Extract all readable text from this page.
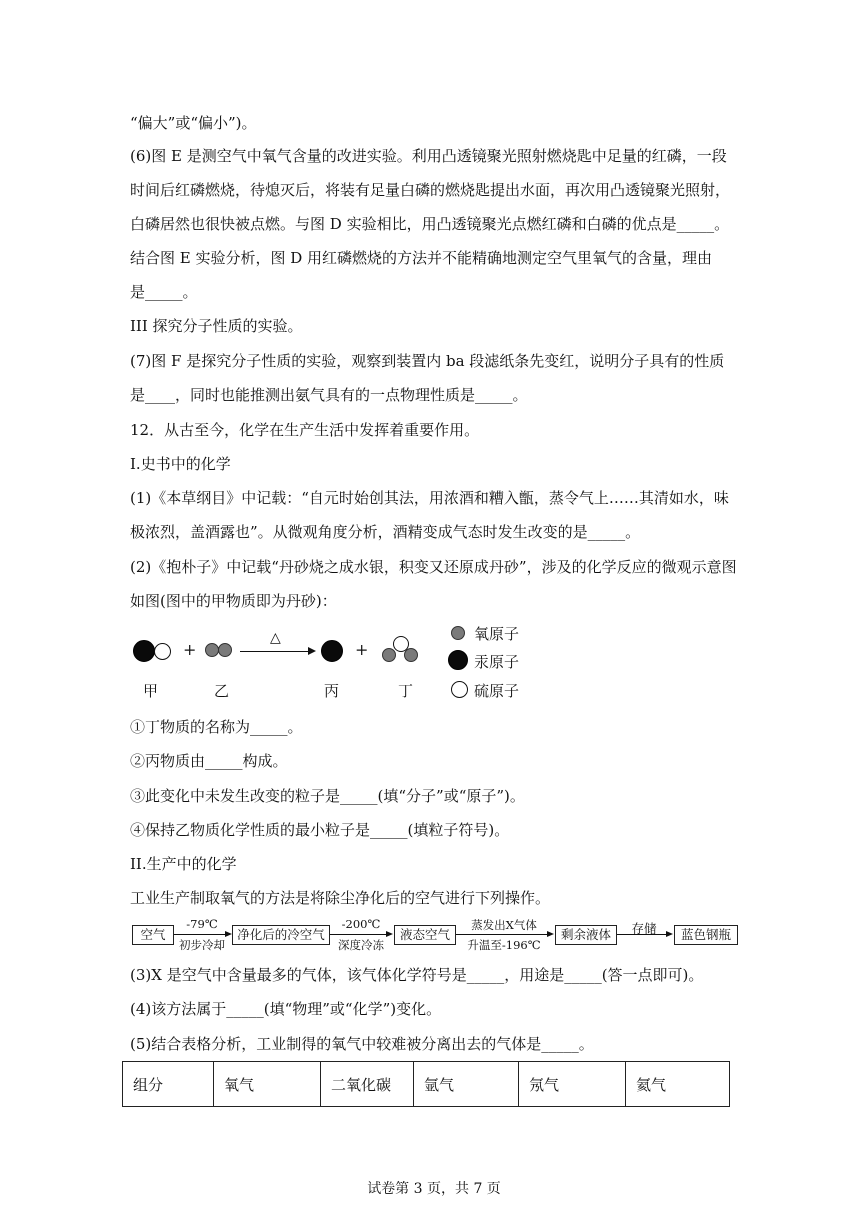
“偏大”或“偏小”)。
(6)图 E 是测空气中氧气含量的改进实验。利用凸透镜聚光照射燃烧匙中足量的红磷，一段
时间后红磷燃烧，待熄灭后，将装有足量白磷的燃烧匙提出水面，再次用凸透镜聚光照射，
白磷居然也很快被点燃。与图 D 实验相比，用凸透镜聚光点燃红磷和白磷的优点是_____。
结合图 E 实验分析，图 D 用红磷燃烧的方法并不能精确地测定空气里氧气的含量，理由
是_____。
III 探究分子性质的实验。
(7)图 F 是探究分子性质的实验，观察到装置内 ba 段滤纸条先变红，说明分子具有的性质
是____，同时也能推测出氨气具有的一点物理性质是_____。
12．从古至今，化学在生产生活中发挥着重要作用。
I.史书中的化学
(1)《本草纲目》中记载：“自元时始创其法，用浓酒和糟入甑，蒸令气上……其清如水，味
极浓烈，盖酒露也”。从微观角度分析，酒精变成气态时发生改变的是_____。
(2)《抱朴子》中记载“丹砂烧之成水银，积变又还原成丹砂”，涉及的化学反应的微观示意图
如图(图中的甲物质即为丹砂)：
+
△
+
甲	乙	丙	丁
氧原子
汞原子
硫原子
①丁物质的名称为_____。
②丙物质由_____构成。
③此变化中未发生改变的粒子是_____(填“分子”或“原子”)。
④保持乙物质化学性质的最小粒子是_____(填粒子符号)。
II.生产中的化学
工业生产制取氧气的方法是将除尘净化后的空气进行下列操作。
空气	净化后的冷空气	液态空气	剩余液体	蓝色钢瓶
-79℃
初步冷却
-200℃
深度冷冻
蒸发出X气体
升温至-196℃
存储
(3)X 是空气中含量最多的气体，该气体化学符号是_____，用途是_____(答一点即可)。
(4)该方法属于_____(填“物理”或“化学”)变化。
(5)结合表格分析，工业制得的氧气中较难被分离出去的气体是_____。
组分	氧气	二氧化碳	氩气	氖气	氦气
试卷第 3 页，共 7 页
